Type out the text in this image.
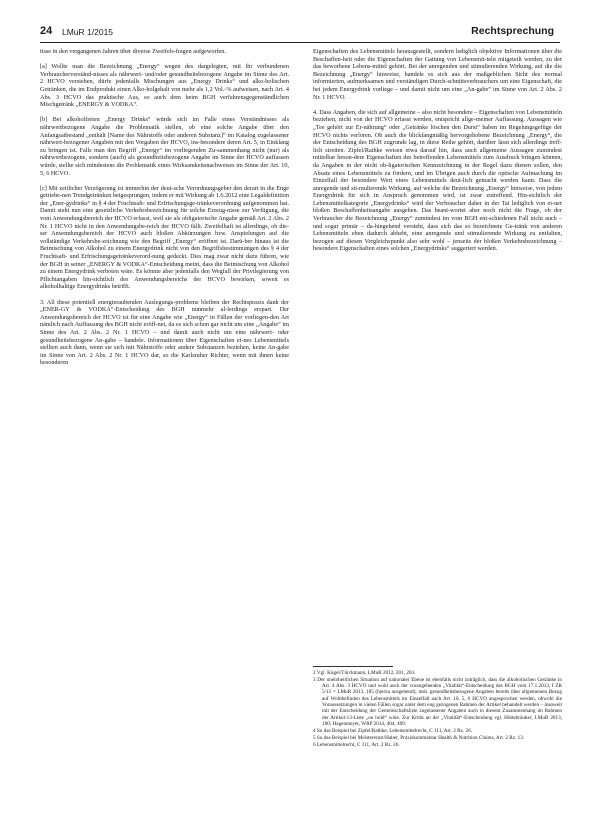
24 LMuR 1/2015	Rechtsprechung

tisse in den vergangenen Jahren über diverse Zweifels-fragen aufgeworfen.

[a] Wollte man die Bezeichnung „Energy“ wegen des dargelegten, mit ihr verbundenen Verbraucherverständ-nisses als nährwert- und/oder gesundheitsbezogene Angabe im Sinne des Art. 2 HCVO verstehen, dürfe jedenfalls Mischungen aus „Energy Drinks“ und alko-holischen Getränken, die im Endprodukt einen Alko-holgehalt von mehr als 1,2 Vol.-% aufweisen, nach Art. 4 Abs. 3 HCVO das praktische Aus, so auch dem beim BGH verfahrensgegenständlichen Mischgetränk „ENERGY & VODKA“.

[b] Bei alkoholfreien „Energy Drinks“ würde sich im Falle eines Verständnisses als nährwertbezogene Angabe die Problematik stellen, ob eine solche Angabe über den Anfangsatbestand „enthält [Name des Nährstoffs oder anderen Substanz]“ im Katalog zugelassener nährwert-bezogener Angaben mit den Vorgaben der HCVO, ins-besondere deren Art. 5, in Einklang zu bringen ist. Falls man den Begriff „Energy“ im vorliegenden Zu-sammenhang nicht (nur) als nährwertbezogene, sondern (auch) als gesundheitsbezogene Angabe im Sinne der HCVO auffassen würde, stellte sich mindestens die Problematik eines Wirksamkeitsnachweises im Sinne der Art. 10, 5, 6 HCVO.

[c] Mit zeitlicher Verzögerung ist immerhin der deut-sche Verordnungsgeber den derart in die Enge getriebe-nen Trendgetränken beigesprungen, indem er mit Wirkung ab 1.6.2012 eine Legaldefinition der „Ener-gydrinks“ in § 4 der Fruchtsaft- und Erfrischungsge-tränkeverordnung aufgenommen hat. Damit steht nun eine gesetzliche Verkehrsbezeichnung für solche Erzeug-nisse zur Verfügung, die vom Anwendungsbereich der HCVO erfasst, weil sie als obligatorische Angabe gemäß Art. 2 Abs. 2 Nr. 1 HCVO nicht in den Anwendungsbe-reich der HCVO fällt. Zweifelhaft ist allerdings, ob die-ser Anwendungsbereich der HCVO auch bloßen Abkürzungen bzw. Anspielungen auf die vollständige Verkehrsbe-zeichnung wie den Begriff „Energy“ eröffnet ist. Darü-ber hinaus ist die Beimischung von Alkohol zu einem Energydrink nicht von den Begriffsbestimmungen des § 4 der Fruchtsaft- und Erfrischungsgetränkeverord-nung gedeckt. Dies mag zwar nicht dazu führen, wie der BGH in seiner „ENERGY & VODKA“-Entscheidung meint, dass die Beimischung von Alkohol zu einem Energydrink verboten wäre. Es könnte aber jedenfalls den Wegfall der Privilegierung von Pflichtangaben hin-sichtlich des Anwendungsbereichs der HCVO bewirken, soweit es alkoholhaltige Energydrinks betrifft.

3. All diese potentiell energieraubenden Auslegungs-probleme bleiben der Rechtspraxis dank der „ENER-GY & VODKA“-Entscheidung des BGH nunmehr al-lerdings erspart. Der Anwendungsbereich der HCVO ist für eine Angabe wie „Energy“ in Fällen der vorliegen-den Art nämlich nach Auffassung des BGH nicht eröff-net, da es sich schon gar nicht um eine „Angabe“ im Sinne des Art. 2 Abs. 2 Nr. 1 HCVO – und damit auch nicht um eine nährwert- oder gesundheitsbezogene An-gabe – handele. Informationen über Eigenschaften ei-nes Lebensmittels stellten auch dann, wenn sie sich mit Nährstoffe oder andere Substanzen beziehen, keine An-gabe im Sinne von Art. 2 Abs. 2 Nr. 1 HCVO dar, so die Karlsruher Richter, wenn mit ihnen keine besonderen

Eigenschaften des Lebensmittels herausgestellt, sondern lediglich objektive Informationen über die Beschaffen-heit oder die Eigenschaften der Gattung von Lebensmit-teln mitgeteilt werden, zu der das beworbene Lebens-mittel gehört. Bei der anregenden und stimulierenden Wirkung, auf die die Bezeichnung „Energy“ hinweise, handele es sich aus der maßgeblichen Sicht des normal informierten, aufmerksamen und verständigen Durch-schnittsverbrauchers um eine Eigenschaft, die bei jedem Energydrink vorliege – und damit nicht um eine „An-gabe“ im Sinne von Art. 2 Abs. 2 Nr. 1 HCVO.

4. Dass Angaben, die sich auf allgemeine – also nicht besondere – Eigenschaften von Lebensmitteln beziehen, nicht von der HCVO erfasst werden, entspricht allge-meiner Auffassung. Aussagen wie „Tee gehört zur Er-nährung“ oder „Getränke löschen den Durst“ haben im Regelungsgefüge der HCVO nichts verloren. Ob auch die blickfangmäßig hervorgehobene Bezeichnung „Energy“, die der Entscheidung des BGH zugrunde lag, in diese Reihe gehört, darüber lässt sich allerdings treff-lich streiten. Zipfel/Rathke weisen etwa darauf hin, dass auch allgemeine Aussagen zumindest mittelbar beson-dere Eigenschaften des betreffenden Lebensmittels zum Ausdruck bringen können, da Angaben in der nicht ob-ligatorischen Kennzeichnung in der Regel dazu dienen sollen, den Absatz eines Lebensmittels zu fördern, und im Übrigen auch durch die optische Aufmachung im Einzelfall der besondere Wert eines Lebensmittels deut-lich gemacht werden kann. Dass die anregende und sti-mulierende Wirkung, auf welche die Bezeichnung „Energy“ hinweise, von jedem Energydrink für sich in Anspruch genommen wird, ist zwar zutreffend. Hin-sichtlich der Lebensmittelkategorie „Energydrinks“ wird der Verbraucher daher in der Tat lediglich von ei-ner bloßen Beschaffenheitsangabe ausgehen. Das beant-wortet aber noch nicht die Frage, ob der Verbraucher die Bezeichnung „Energy“ zumindest im vom BGH ent-schiedenen Fall nicht auch – und sogar primär – da-hingehend versteht, dass sich das so bezeichnete Ge-tränk von anderen Lebensmitteln eben dadurch abhebt, eine anregende und stimulierende Wirkung zu entfalten, bezogen auf diesen Vergleichspunkt also sehr wohl – jenseits der bloßen Verkehrsbezeichnung – besondere Eigenschaften eines solchen „Energydrinks“ suggeriert werden.

2 Vgl. Kügel/Türckmann, LMuR 2012, 201, 203.

3 Der uneinheitlichen Situation auf nationaler Ebene ist ebenfalls nicht zuträglich, dass die alkoholischen Getränke in Art. 4 Abs. 3 HCVO und wohl auch der vorangehenden „Vitalität“-Entscheidung des BGH vom 17.1.2013, I ZR 5/12 = LMuR 2013, 185 (hierzu ausgehend); insb. gesundheitsbezogene Angaben bereits über allgemeinen Bezug auf Wohlbefinden des Lebensmittels im Einzelfall nach Art. 10, 5, 6 HCVO angesprochen werden, obwohl die Voraussetzungen in vielen Fällen sogar unter dem eng gezogenen Rahmen der Artikel behandelt werden – insoweit mit der Entscheidung der Gemeinschaftsliste zugelassener Angaben auch in diesem Zusammenhang im Rahmen der Artikel-13-Liste „on hold“ wäre. Zur Kritik an der „Vitalität“-Entscheidung vgl. Hüttebräuker, LMuR 2013, 180; Hagenmeyer, WRP 2014, 404, 409.

4 So das Beispiel bei Zipfel/Rathke, Lebensmittelrecht, C 111, Art. 2 Rz. 26.

5 So das Beispiel bei Meisterernst/Haber, Praxiskommentar Health & Nutrition Claims, Art. 2 Rz. 13.

6 Lebensmittelrecht, C 111, Art. 2 Rz. 26.
